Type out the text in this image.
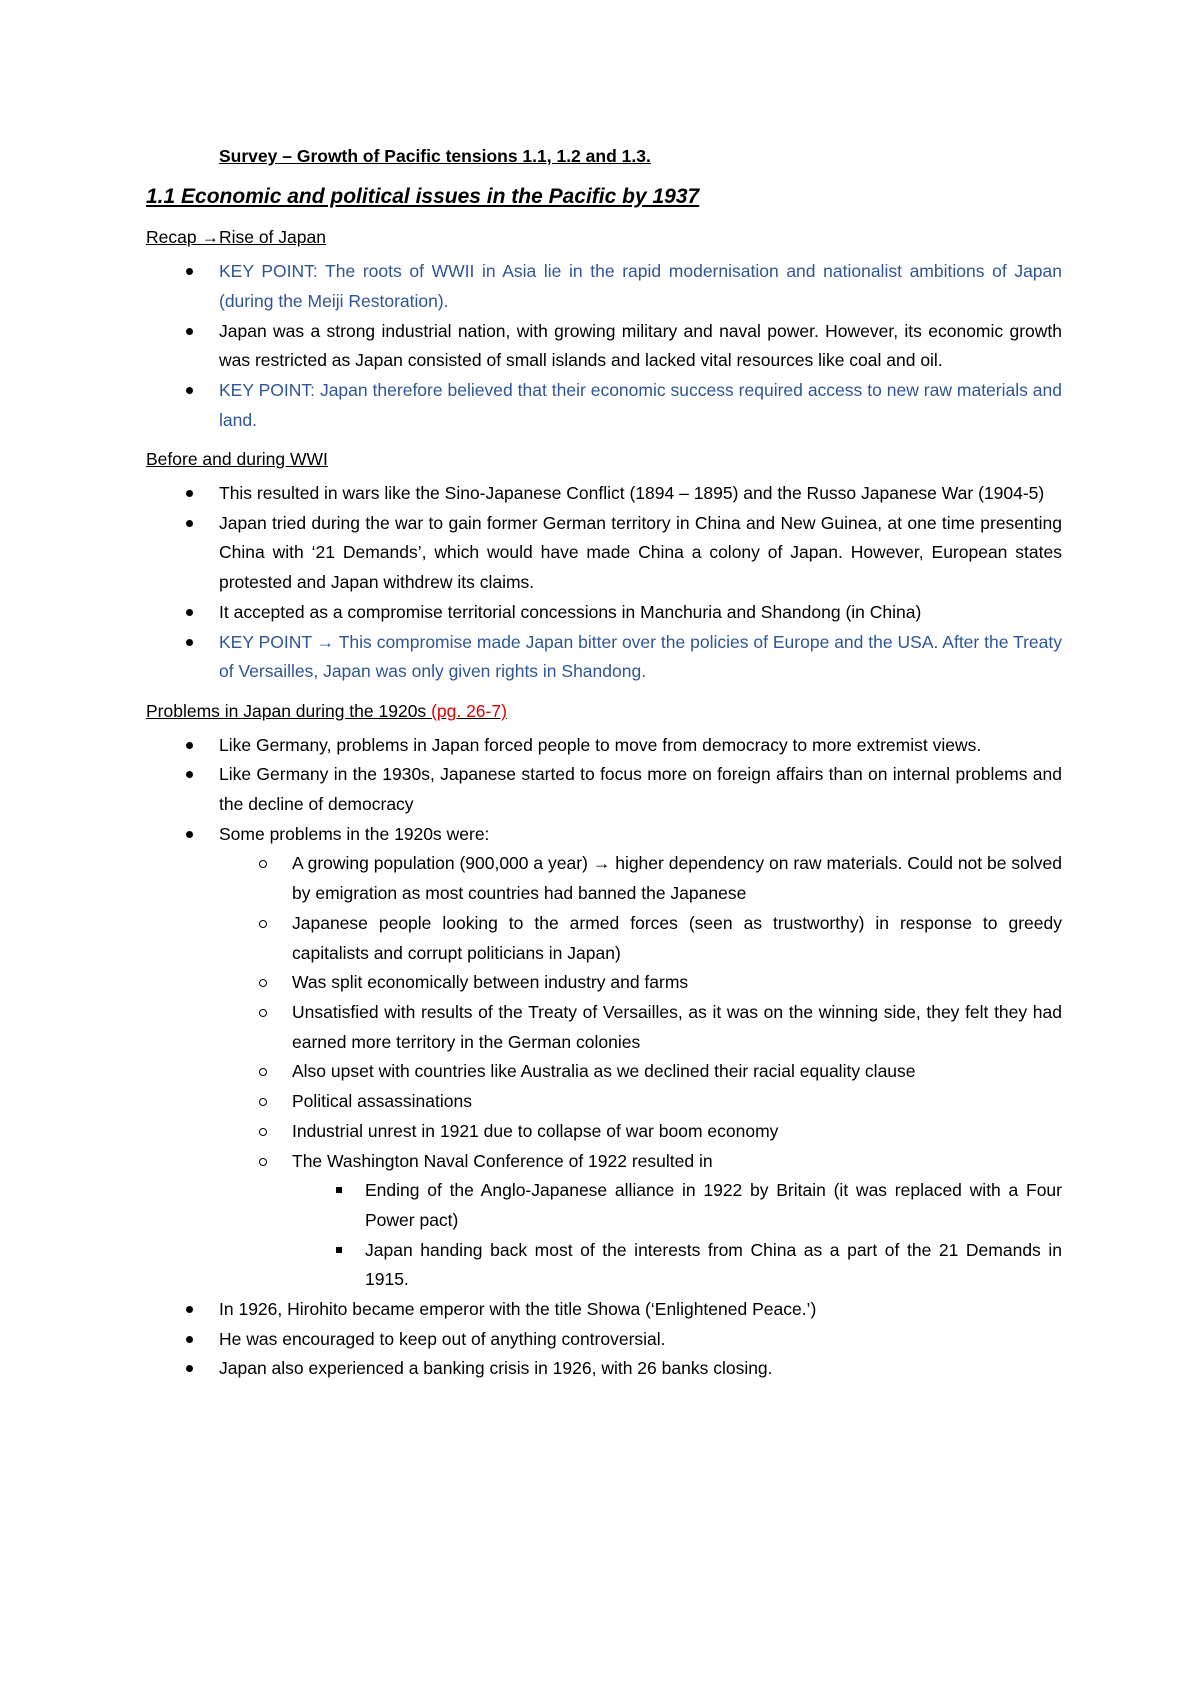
Survey – Growth of Pacific tensions 1.1, 1.2 and 1.3.
1.1 Economic and political issues in the Pacific by 1937
Recap →Rise of Japan
KEY POINT: The roots of WWII in Asia lie in the rapid modernisation and nationalist ambitions of Japan (during the Meiji Restoration).
Japan was a strong industrial nation, with growing military and naval power. However, its economic growth was restricted as Japan consisted of small islands and lacked vital resources like coal and oil.
KEY POINT: Japan therefore believed that their economic success required access to new raw materials and land.
Before and during WWI
This resulted in wars like the Sino-Japanese Conflict (1894 – 1895) and the Russo Japanese War (1904-5)
Japan tried during the war to gain former German territory in China and New Guinea, at one time presenting China with ‘21 Demands’, which would have made China a colony of Japan. However, European states protested and Japan withdrew its claims.
It accepted as a compromise territorial concessions in Manchuria and Shandong (in China)
KEY POINT → This compromise made Japan bitter over the policies of Europe and the USA. After the Treaty of Versailles, Japan was only given rights in Shandong.
Problems in Japan during the 1920s (pg. 26-7)
Like Germany, problems in Japan forced people to move from democracy to more extremist views.
Like Germany in the 1930s, Japanese started to focus more on foreign affairs than on internal problems and the decline of democracy
Some problems in the 1920s were:
A growing population (900,000 a year) → higher dependency on raw materials. Could not be solved by emigration as most countries had banned the Japanese
Japanese people looking to the armed forces (seen as trustworthy) in response to greedy capitalists and corrupt politicians in Japan)
Was split economically between industry and farms
Unsatisfied with results of the Treaty of Versailles, as it was on the winning side, they felt they had earned more territory in the German colonies
Also upset with countries like Australia as we declined their racial equality clause
Political assassinations
Industrial unrest in 1921 due to collapse of war boom economy
The Washington Naval Conference of 1922 resulted in
Ending of the Anglo-Japanese alliance in 1922 by Britain (it was replaced with a Four Power pact)
Japan handing back most of the interests from China as a part of the 21 Demands in 1915.
In 1926, Hirohito became emperor with the title Showa (‘Enlightened Peace.’)
He was encouraged to keep out of anything controversial.
Japan also experienced a banking crisis in 1926, with 26 banks closing.
